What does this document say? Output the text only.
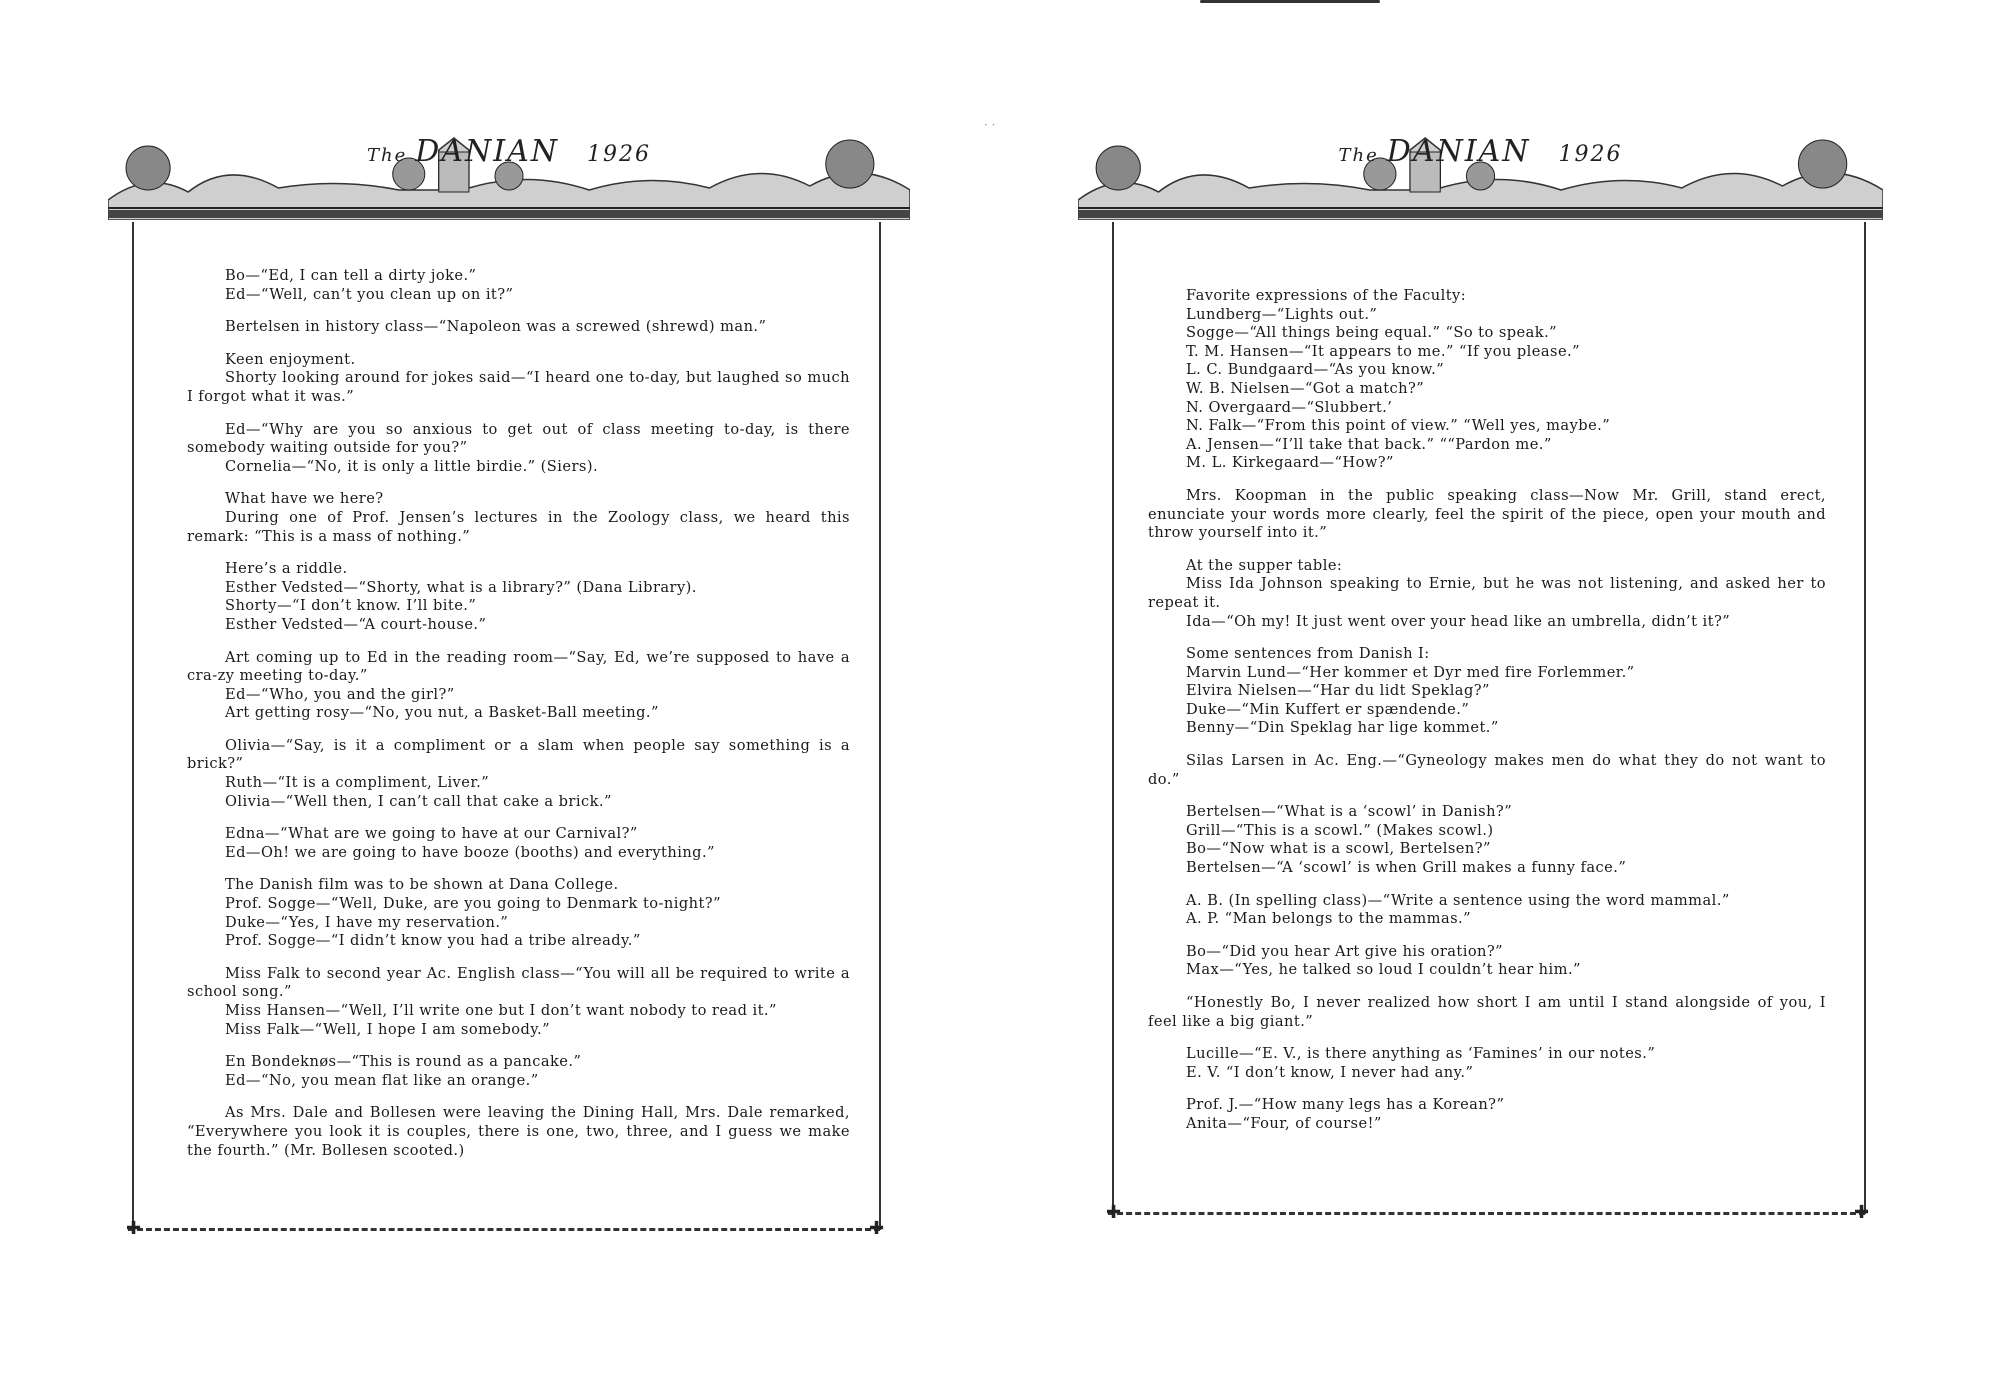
The DANIAN 1926
✚	✚

Bo—“Ed, I can tell a dirty joke.”

Ed—“Well, can’t you clean up on it?”

Bertelsen in history class—“Napoleon was a screwed (shrewd) man.”

Keen enjoyment.

Shorty looking around for jokes said—“I heard one to-day, but laughed so much I forgot what it was.”

Ed—“Why are you so anxious to get out of class meeting to-day, is there somebody waiting outside for you?”

Cornelia—“No, it is only a little birdie.” (Siers).

What have we here?

During one of Prof. Jensen’s lectures in the Zoology class, we heard this remark: “This is a mass of nothing.”

Here’s a riddle.

Esther Vedsted—“Shorty, what is a library?” (Dana Library).

Shorty—“I don’t know. I’ll bite.”

Esther Vedsted—“A court-house.”

Art coming up to Ed in the reading room—“Say, Ed, we’re supposed to have a cra-zy meeting to-day.”

Ed—“Who, you and the girl?”

Art getting rosy—“No, you nut, a Basket-Ball meeting.”

Olivia—“Say, is it a compliment or a slam when people say something is a brick?”

Ruth—“It is a compliment, Liver.”

Olivia—“Well then, I can’t call that cake a brick.”

Edna—“What are we going to have at our Carnival?”

Ed—Oh! we are going to have booze (booths) and everything.”

The Danish film was to be shown at Dana College.

Prof. Sogge—“Well, Duke, are you going to Denmark to-night?”

Duke—“Yes, I have my reservation.”

Prof. Sogge—“I didn’t know you had a tribe already.”

Miss Falk to second year Ac. English class—“You will all be required to write a school song.”

Miss Hansen—“Well, I’ll write one but I don’t want nobody to read it.”

Miss Falk—“Well, I hope I am somebody.”

En Bondeknøs—“This is round as a pancake.”

Ed—“No, you mean flat like an orange.”

As Mrs. Dale and Bollesen were leaving the Dining Hall, Mrs. Dale remarked, “Everywhere you look it is couples, there is one, two, three, and I guess we make the fourth.” (Mr. Bollesen scooted.)

The DANIAN 1926
✚	✚

Favorite expressions of the Faculty:

Lundberg—“Lights out.”

Sogge—“All things being equal.” “So to speak.”

T. M. Hansen—“It appears to me.” “If you please.”

L. C. Bundgaard—“As you know.”

W. B. Nielsen—“Got a match?”

N. Overgaard—“Slubbert.’

N. Falk—“From this point of view.” “Well yes, maybe.”

A. Jensen—“I’ll take that back.” ““Pardon me.”

M. L. Kirkegaard—“How?”

Mrs. Koopman in the public speaking class—Now Mr. Grill, stand erect, enunciate your words more clearly, feel the spirit of the piece, open your mouth and throw yourself into it.”

At the supper table:

Miss Ida Johnson speaking to Ernie, but he was not listening, and asked her to repeat it.

Ida—“Oh my! It just went over your head like an umbrella, didn’t it?”

Some sentences from Danish I:

Marvin Lund—“Her kommer et Dyr med fire Forlemmer.”

Elvira Nielsen—“Har du lidt Speklag?”

Duke—“Min Kuffert er spændende.”

Benny—“Din Speklag har lige kommet.”

Silas Larsen in Ac. Eng.—“Gyneology makes men do what they do not want to do.”

Bertelsen—“What is a ‘scowl’ in Danish?”

Grill—“This is a scowl.” (Makes scowl.)

Bo—“Now what is a scowl, Bertelsen?”

Bertelsen—“A ‘scowl’ is when Grill makes a funny face.”

A. B. (In spelling class)—“Write a sentence using the word mammal.”

A. P. “Man belongs to the mammas.”

Bo—“Did you hear Art give his oration?”

Max—“Yes, he talked so loud I couldn’t hear him.”

“Honestly Bo, I never realized how short I am until I stand alongside of you, I feel like a big giant.”

Lucille—“E. V., is there anything as ‘Famines’ in our notes.”

E. V. “I don’t know, I never had any.”

Prof. J.—“How many legs has a Korean?”

Anita—“Four, of course!”

· ·
